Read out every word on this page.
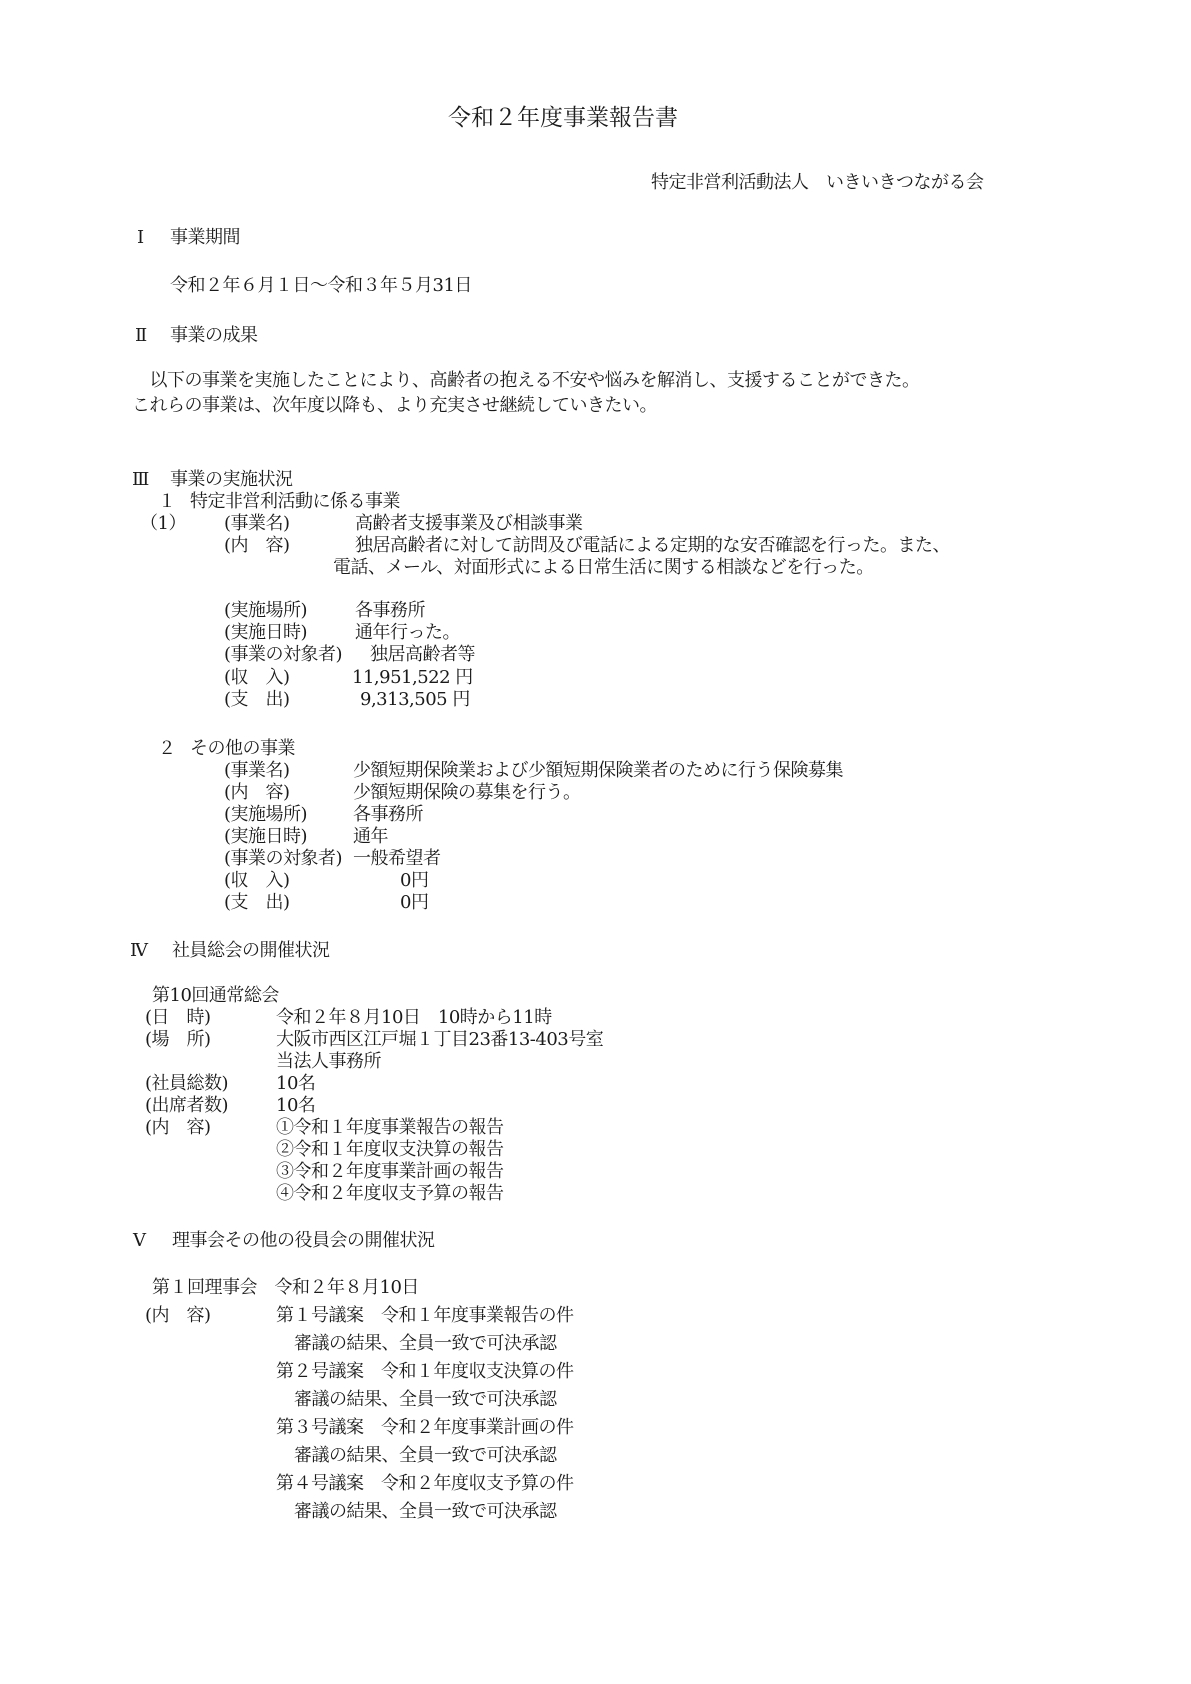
令和２年度事業報告書
特定非営利活動法人　いきいきつながる会
Ⅰ 事業期間
令和２年６月１日～令和３年５月31日
Ⅱ 事業の成果
　以下の事業を実施したことにより、高齢者の抱える不安や悩みを解消し、支援することができた。
これらの事業は、次年度以降も、より充実させ継続していきたい。
Ⅲ 事業の実施状況
１ 特定非営利活動に係る事業
（1） (事業名)	高齢者支援事業及び相談事業
(内　容)	独居高齢者に対して訪問及び電話による定期的な安否確認を行った。また、
電話、メール、対面形式による日常生活に関する相談などを行った。
(実施場所)	各事務所
(実施日時)	通年行った。
(事業の対象者) 独居高齢者等
(収　入)	11,951,522 円
(支　出)	9,313,505 円
２ その他の事業
(事業名)	少額短期保険業および少額短期保険業者のために行う保険募集
(内　容)	少額短期保険の募集を行う。
(実施場所)	各事務所
(実施日時)	通年
(事業の対象者) 一般希望者
(収　入)	0円
(支　出)	0円
Ⅳ 社員総会の開催状況
第10回通常総会
(日　時)	令和２年８月10日　10時から11時
(場　所)	大阪市西区江戸堀１丁目23番13-403号室
当法人事務所
(社員総数)	10名
(出席者数)	10名
(内　容)	①令和１年度事業報告の報告
②令和１年度収支決算の報告
③令和２年度事業計画の報告
④令和２年度収支予算の報告
Ⅴ 理事会その他の役員会の開催状況
第１回理事会　令和２年８月10日
(内　容)	第１号議案　令和１年度事業報告の件
審議の結果、全員一致で可決承認
第２号議案　令和１年度収支決算の件
審議の結果、全員一致で可決承認
第３号議案　令和２年度事業計画の件
審議の結果、全員一致で可決承認
第４号議案　令和２年度収支予算の件
審議の結果、全員一致で可決承認
